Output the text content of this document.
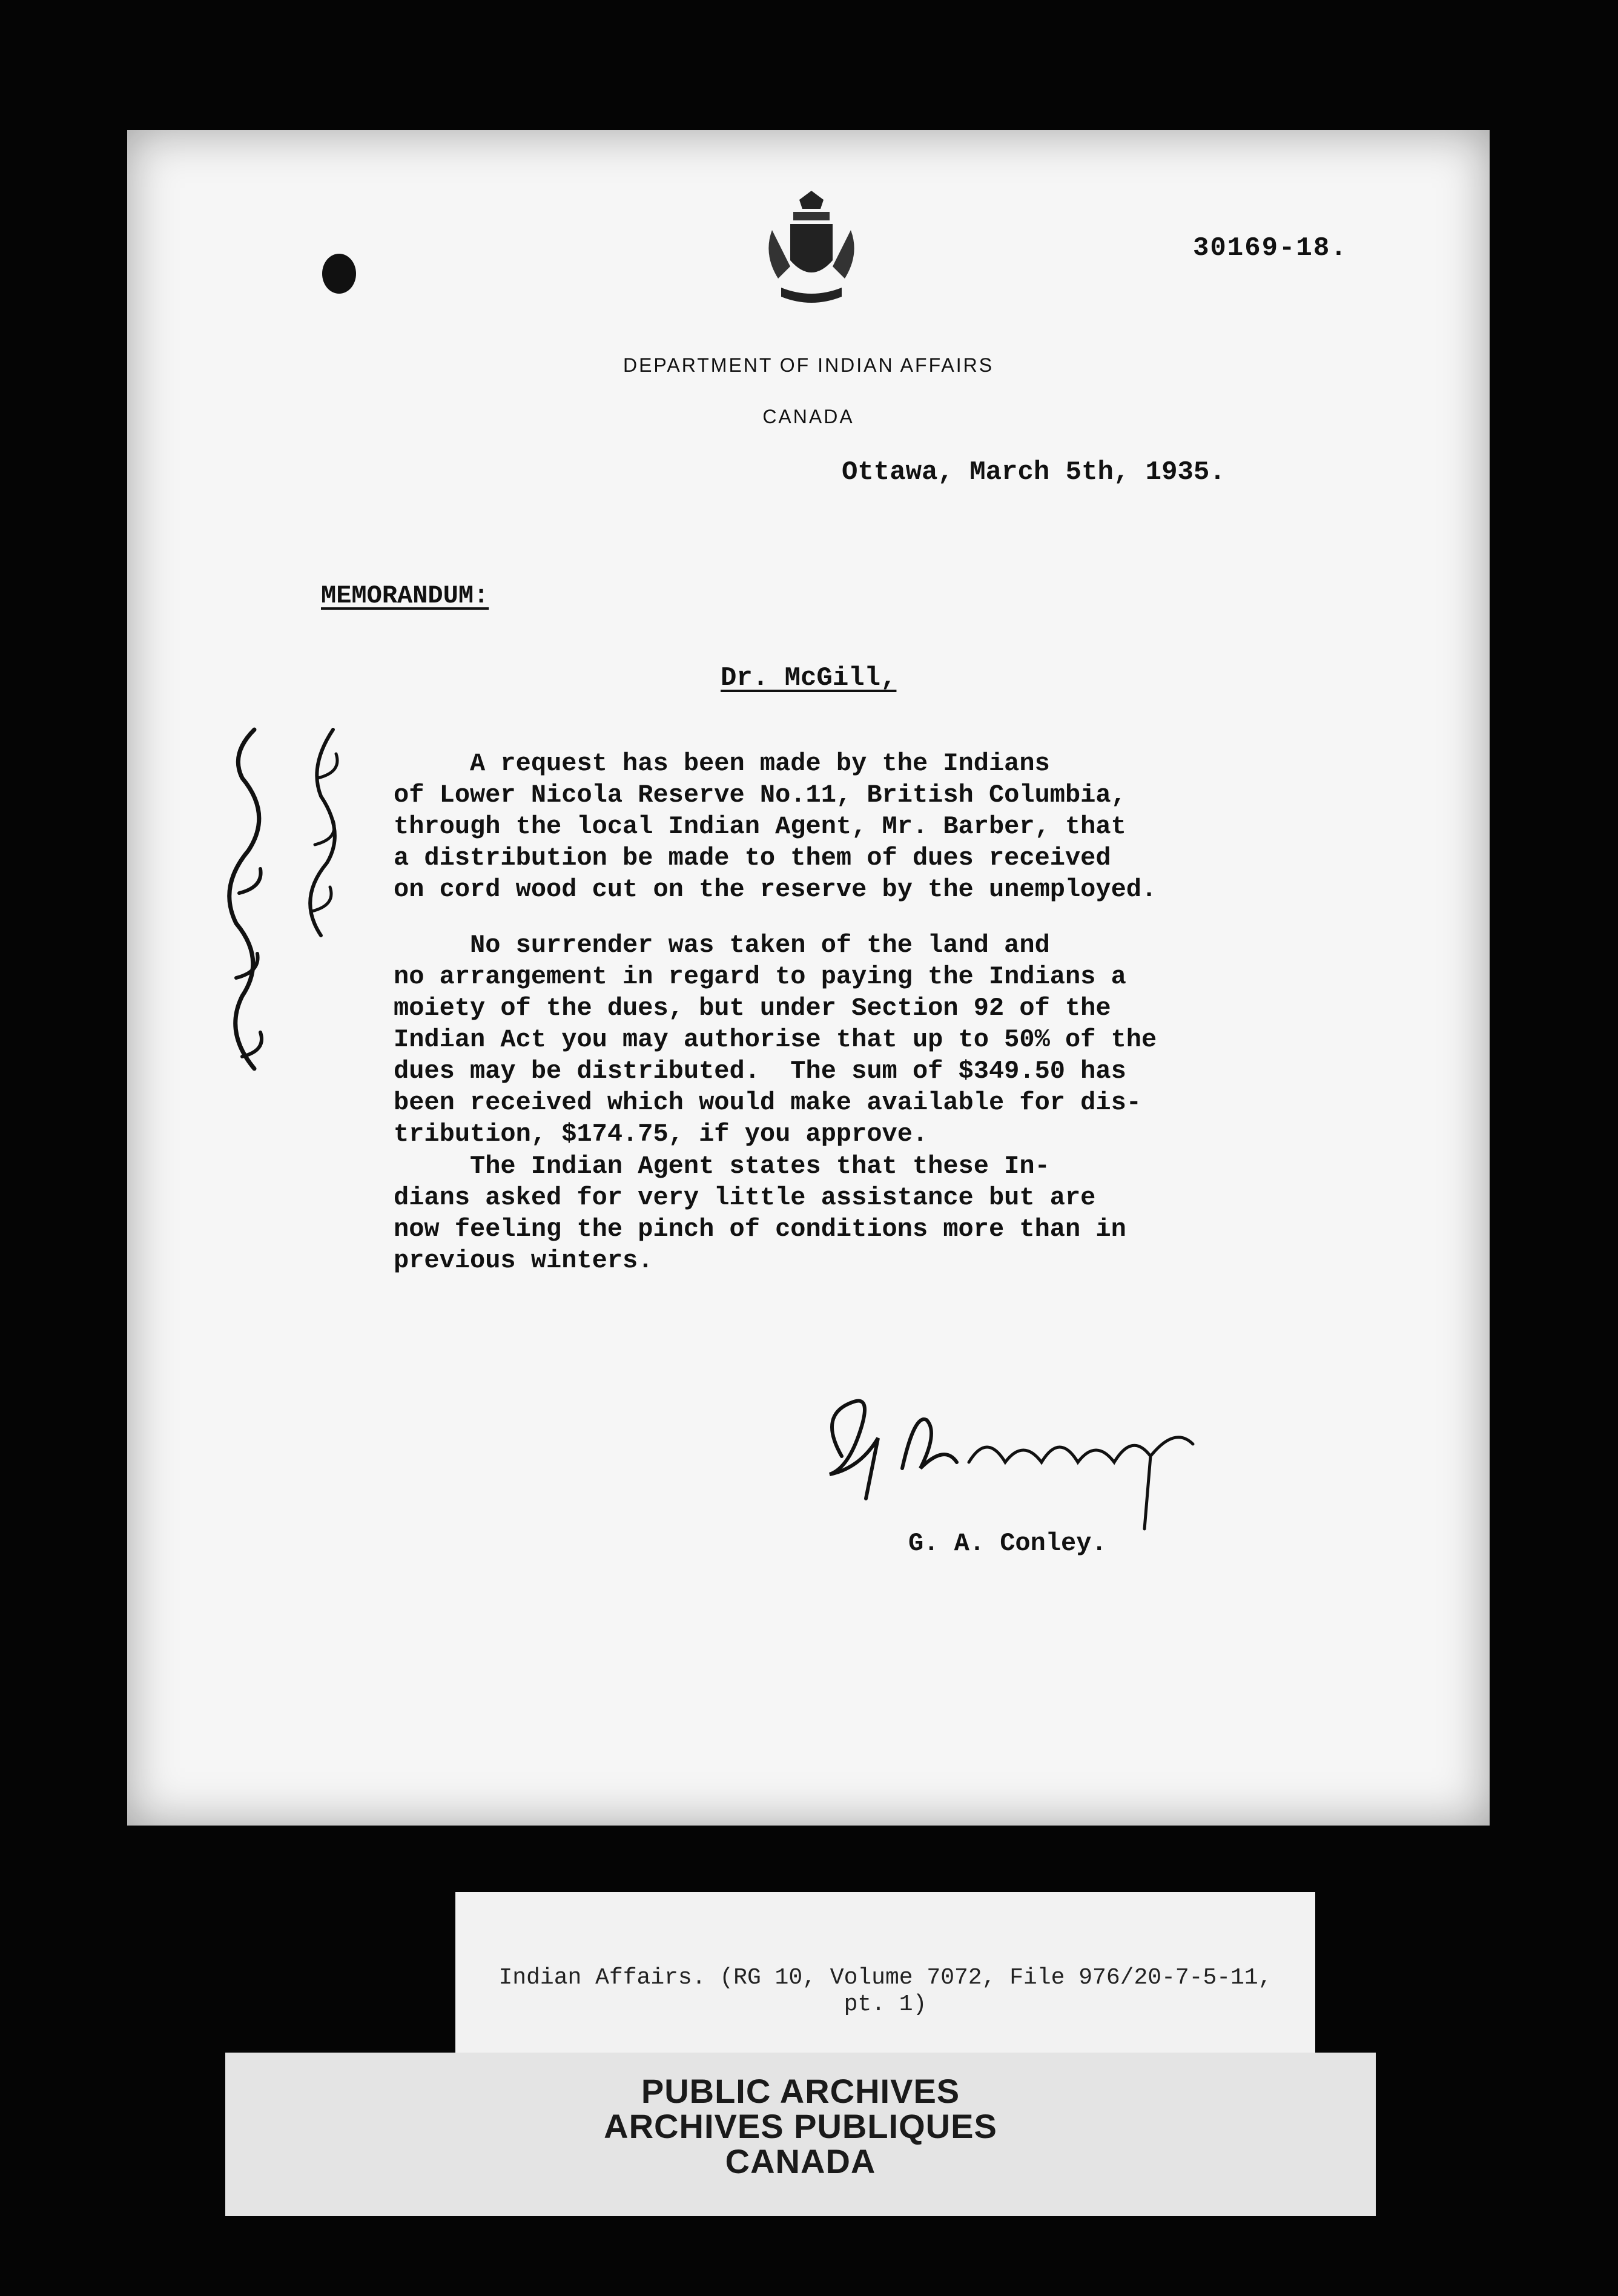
30169-18.
DEPARTMENT OF INDIAN AFFAIRS
CANADA
Ottawa, March 5th, 1935.
MEMORANDUM:
Dr. McGill,
A request has been made by the Indians
of Lower Nicola Reserve No.11, British Columbia,
through the local Indian Agent, Mr. Barber, that
a distribution be made to them of dues received
on cord wood cut on the reserve by the unemployed.
No surrender was taken of the land and
no arrangement in regard to paying the Indians a
moiety of the dues, but under Section 92 of the
Indian Act you may authorise that up to 50% of the
dues may be distributed.  The sum of $349.50 has
been received which would make available for dis-
tribution, $174.75, if you approve.
The Indian Agent states that these In-
dians asked for very little assistance but are
now feeling the pinch of conditions more than in
previous winters.
G. A. Conley.
Indian Affairs. (RG 10, Volume 7072, File 976/20-7-5-11,
pt. 1)
PUBLIC ARCHIVES
ARCHIVES PUBLIQUES
CANADA
